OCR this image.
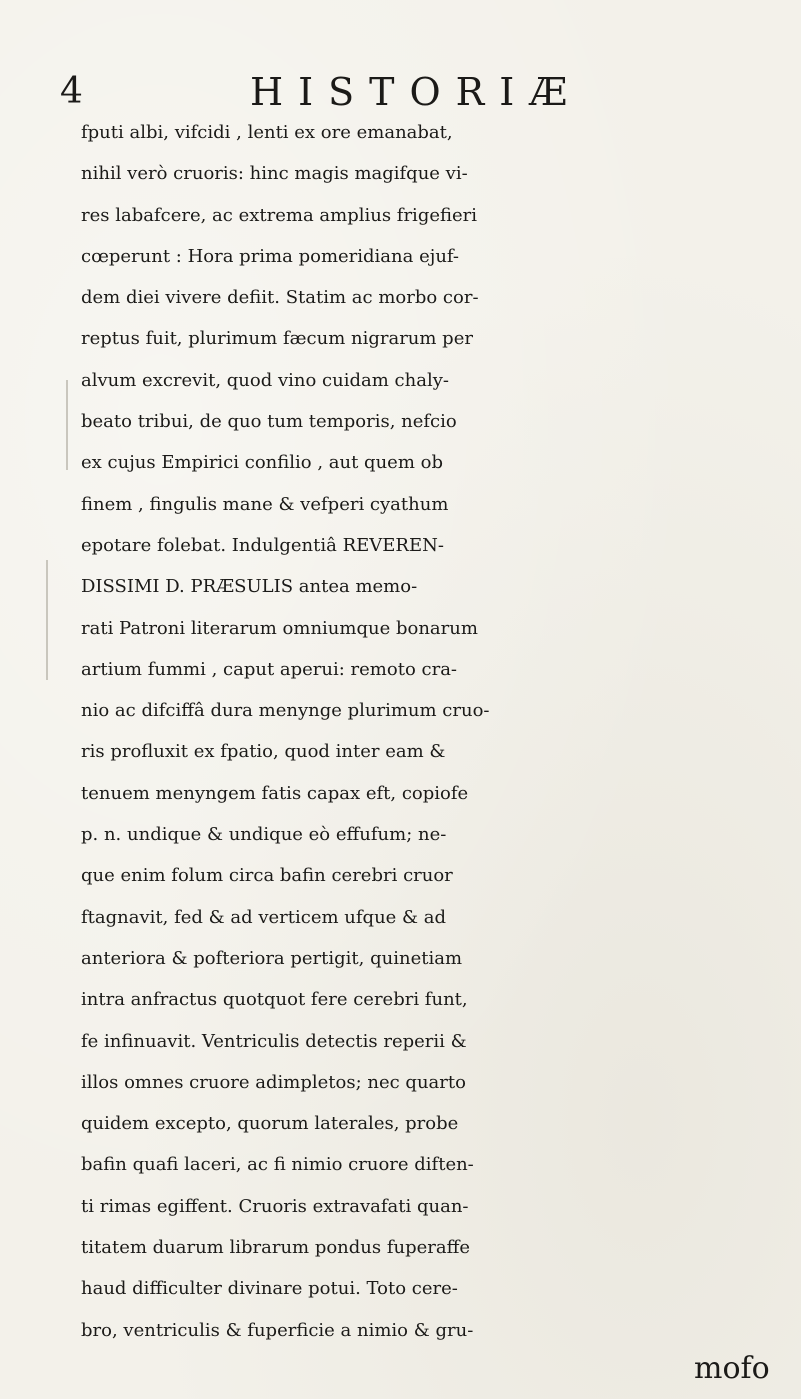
4	HISTORIÆ
fputi albi, vifcidi , lenti ex ore emanabat,
nihil verò cruoris: hinc magis magifque vi-
res labafcere, ac extrema amplius frigefieri
cœperunt : Hora prima pomeridiana ejuf-
dem diei vivere defiit. Statim ac morbo cor-
reptus fuit, plurimum fæcum nigrarum per
alvum excrevit, quod vino cuidam chaly-
beato tribui, de quo tum temporis, nefcio
ex cujus Empirici confilio , aut quem ob
finem , fingulis mane & vefperi cyathum
epotare folebat. Indulgentiâ REVEREN-
DISSIMI D. PRÆSULIS antea memo-
rati Patroni literarum omniumque bonarum
artium fummi , caput aperui: remoto cra-
nio ac difciffâ dura menynge plurimum cruo-
ris profluxit ex fpatio, quod inter eam &
tenuem menyngem fatis capax eft, copiofe
p. n. undique & undique eò effufum; ne-
que enim folum circa bafin cerebri cruor
ftagnavit, fed & ad verticem ufque & ad
anteriora & pofteriora pertigit, quinetiam
intra anfractus quotquot fere cerebri funt,
fe infinuavit. Ventriculis detectis reperii &
illos omnes cruore adimpletos; nec quarto
quidem excepto, quorum laterales, probe
bafin quafi laceri, ac fi nimio cruore diften-
ti rimas egiffent. Cruoris extravafati quan-
titatem duarum librarum pondus fuperaffe
haud difficulter divinare potui. Toto cere-
bro, ventriculis & fuperficie a nimio & gru-
mofo
